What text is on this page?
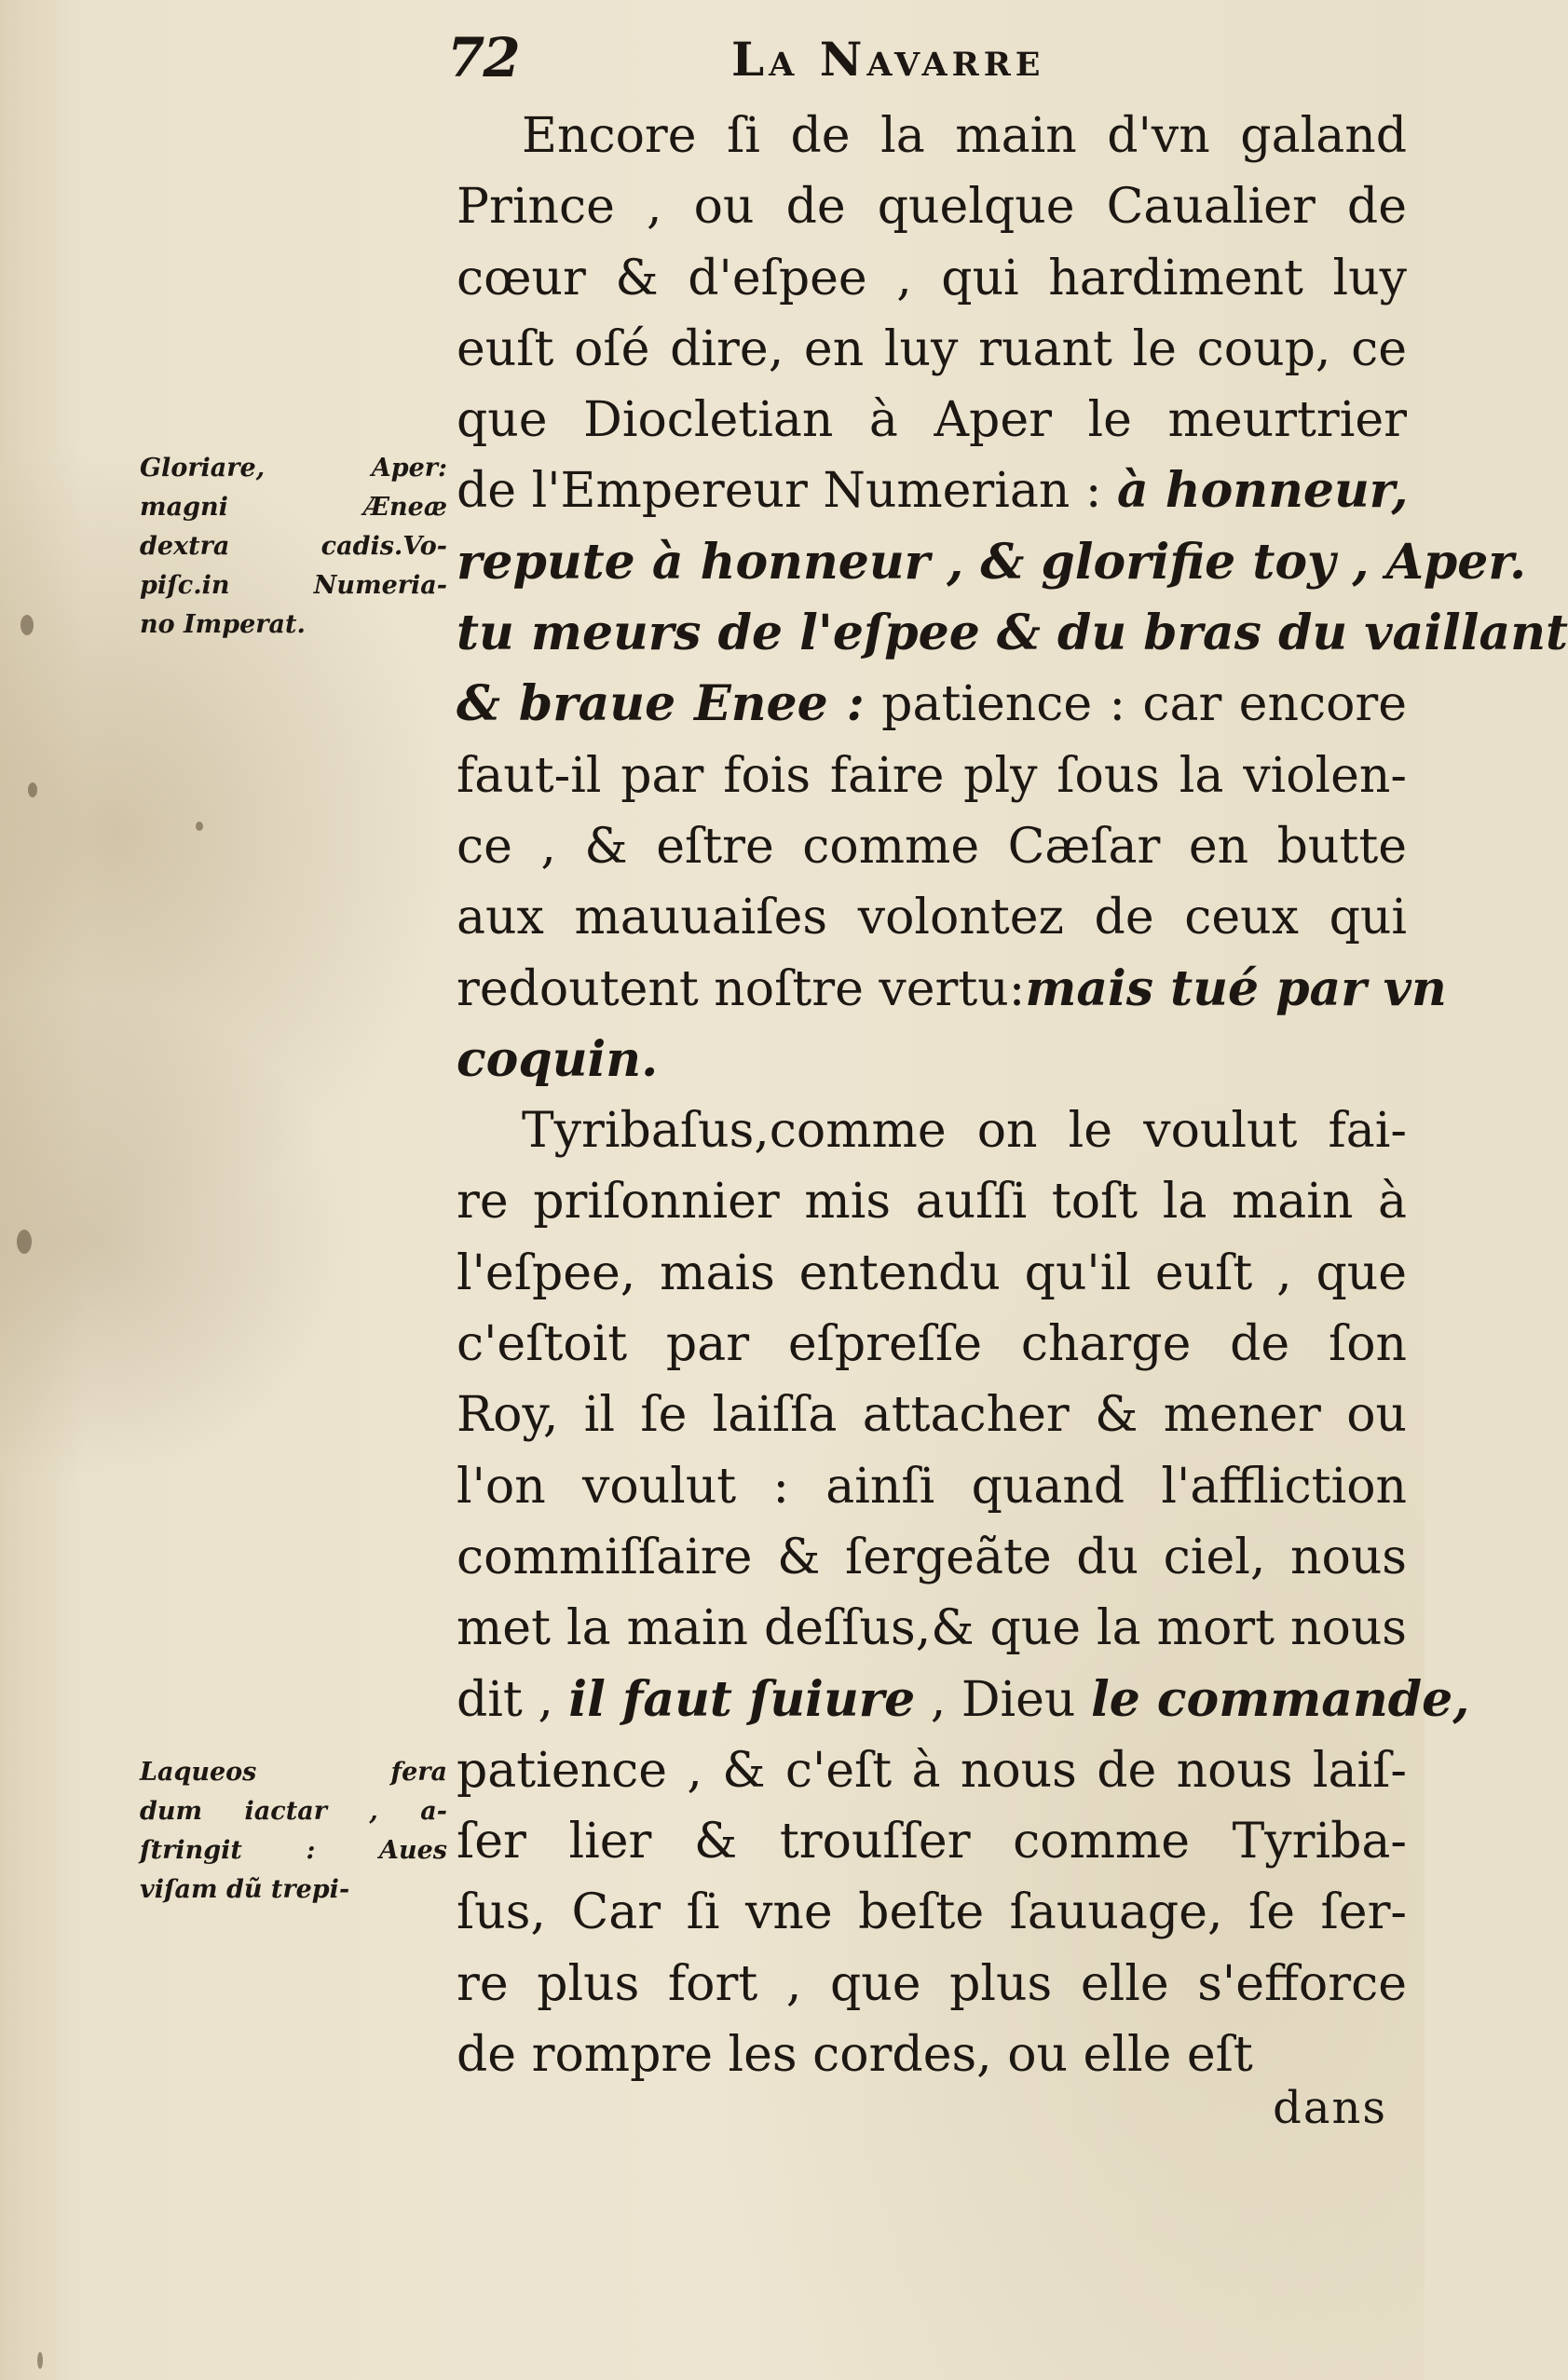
72	La Navarre
Gloriare, Aper:
magni Æneæ
dextra cadis.Vo-
piſc.in Numeria-
no Imperat.
Laqueos fera
dum iactar , a-
ſtringit : Aues
viſam dũ trepi-
Encore ſi de la main d'vn galand
Prince , ou de quelque Caualier de
cœur & d'eſpee , qui hardiment luy
euſt oſé dire, en luy ruant le coup, ce
que Diocletian à Aper le meurtrier
de l'Empereur Numerian : à honneur,
repute à honneur , & glorifie toy , Aper.
tu meurs de l'eſpee & du bras du vaillant
& braue Enee : patience : car encore
faut-il par fois faire ply ſous la violen-
ce , & eſtre comme Cæſar en butte
aux mauuaiſes volontez de ceux qui
redoutent noſtre vertu:mais tué par vn
coquin.
Tyribaſus,comme on le voulut fai-
re priſonnier mis auſſi toſt la main à
l'eſpee, mais entendu qu'il euſt , que
c'eſtoit par eſpreſſe charge de ſon
Roy, il ſe laiſſa attacher & mener ou
l'on voulut : ainſi quand l'affliction
commiſſaire & ſergeãte du ciel, nous
met la main deſſus,& que la mort nous
dit , il faut ſuiure , Dieu le commande,
patience , & c'eſt à nous de nous laiſ-
ſer lier & trouſſer comme Tyriba-
ſus, Car ſi vne beſte ſauuage, ſe ſer-
re plus fort , que plus elle s'efforce
de rompre les cordes, ou elle eſt
dans
